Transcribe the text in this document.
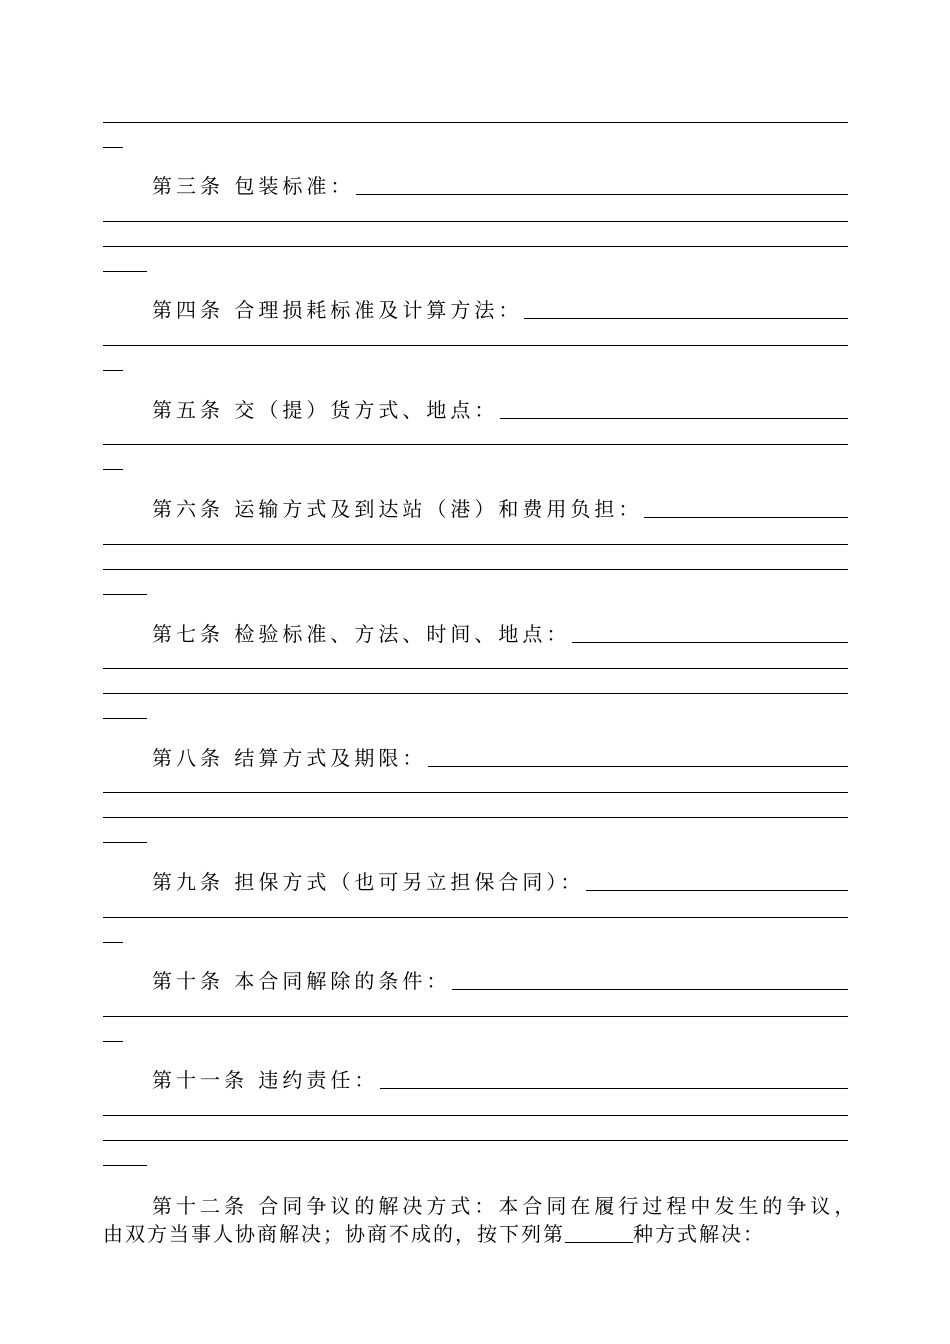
第三条 包装标准：
第四条 合理损耗标准及计算方法：
第五条 交（提）货方式、地点：
第六条 运输方式及到达站（港）和费用负担：
第七条 检验标准、方法、时间、地点：
第八条 结算方式及期限：
第九条 担保方式（也可另立担保合同）：
第十条 本合同解除的条件：
第十一条 违约责任：
第十二条 合同争议的解决方式：本合同在履行过程中发生的争议，
由双方当事人协商解决；协商不成的，按下列第	种方式解决：
